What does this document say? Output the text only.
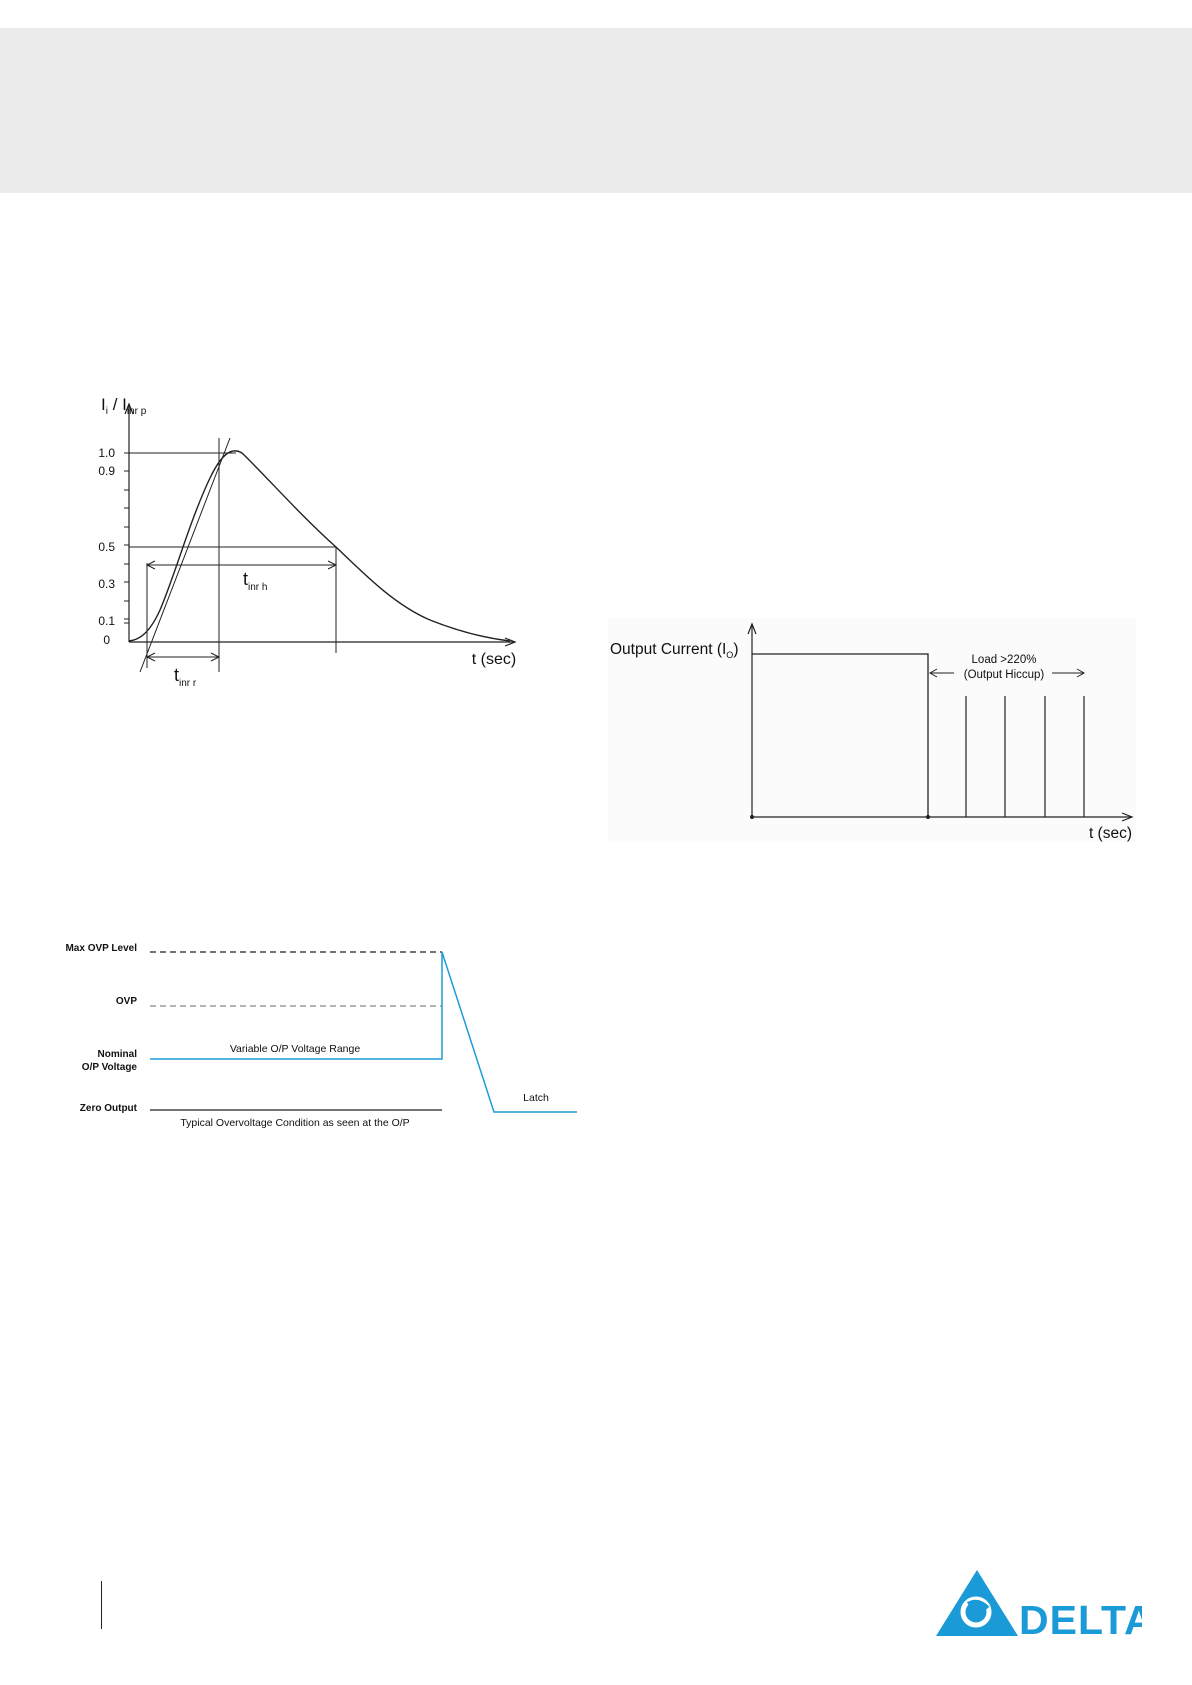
$I_i / I_{inr p}$
1.0
0.9
0.5
0.3
0.1
0
t (sec)
$t_{inr h}$
$t_{inr r}$
Output Current $(I_O)$
Load >220%
(Output Hiccup)
t (sec)
Max OVP Level
OVP
Nominal
O/P Voltage
Zero Output
Variable O/P Voltage Range
Latch
Typical Overvoltage Condition as seen at the O/P
DELTA
